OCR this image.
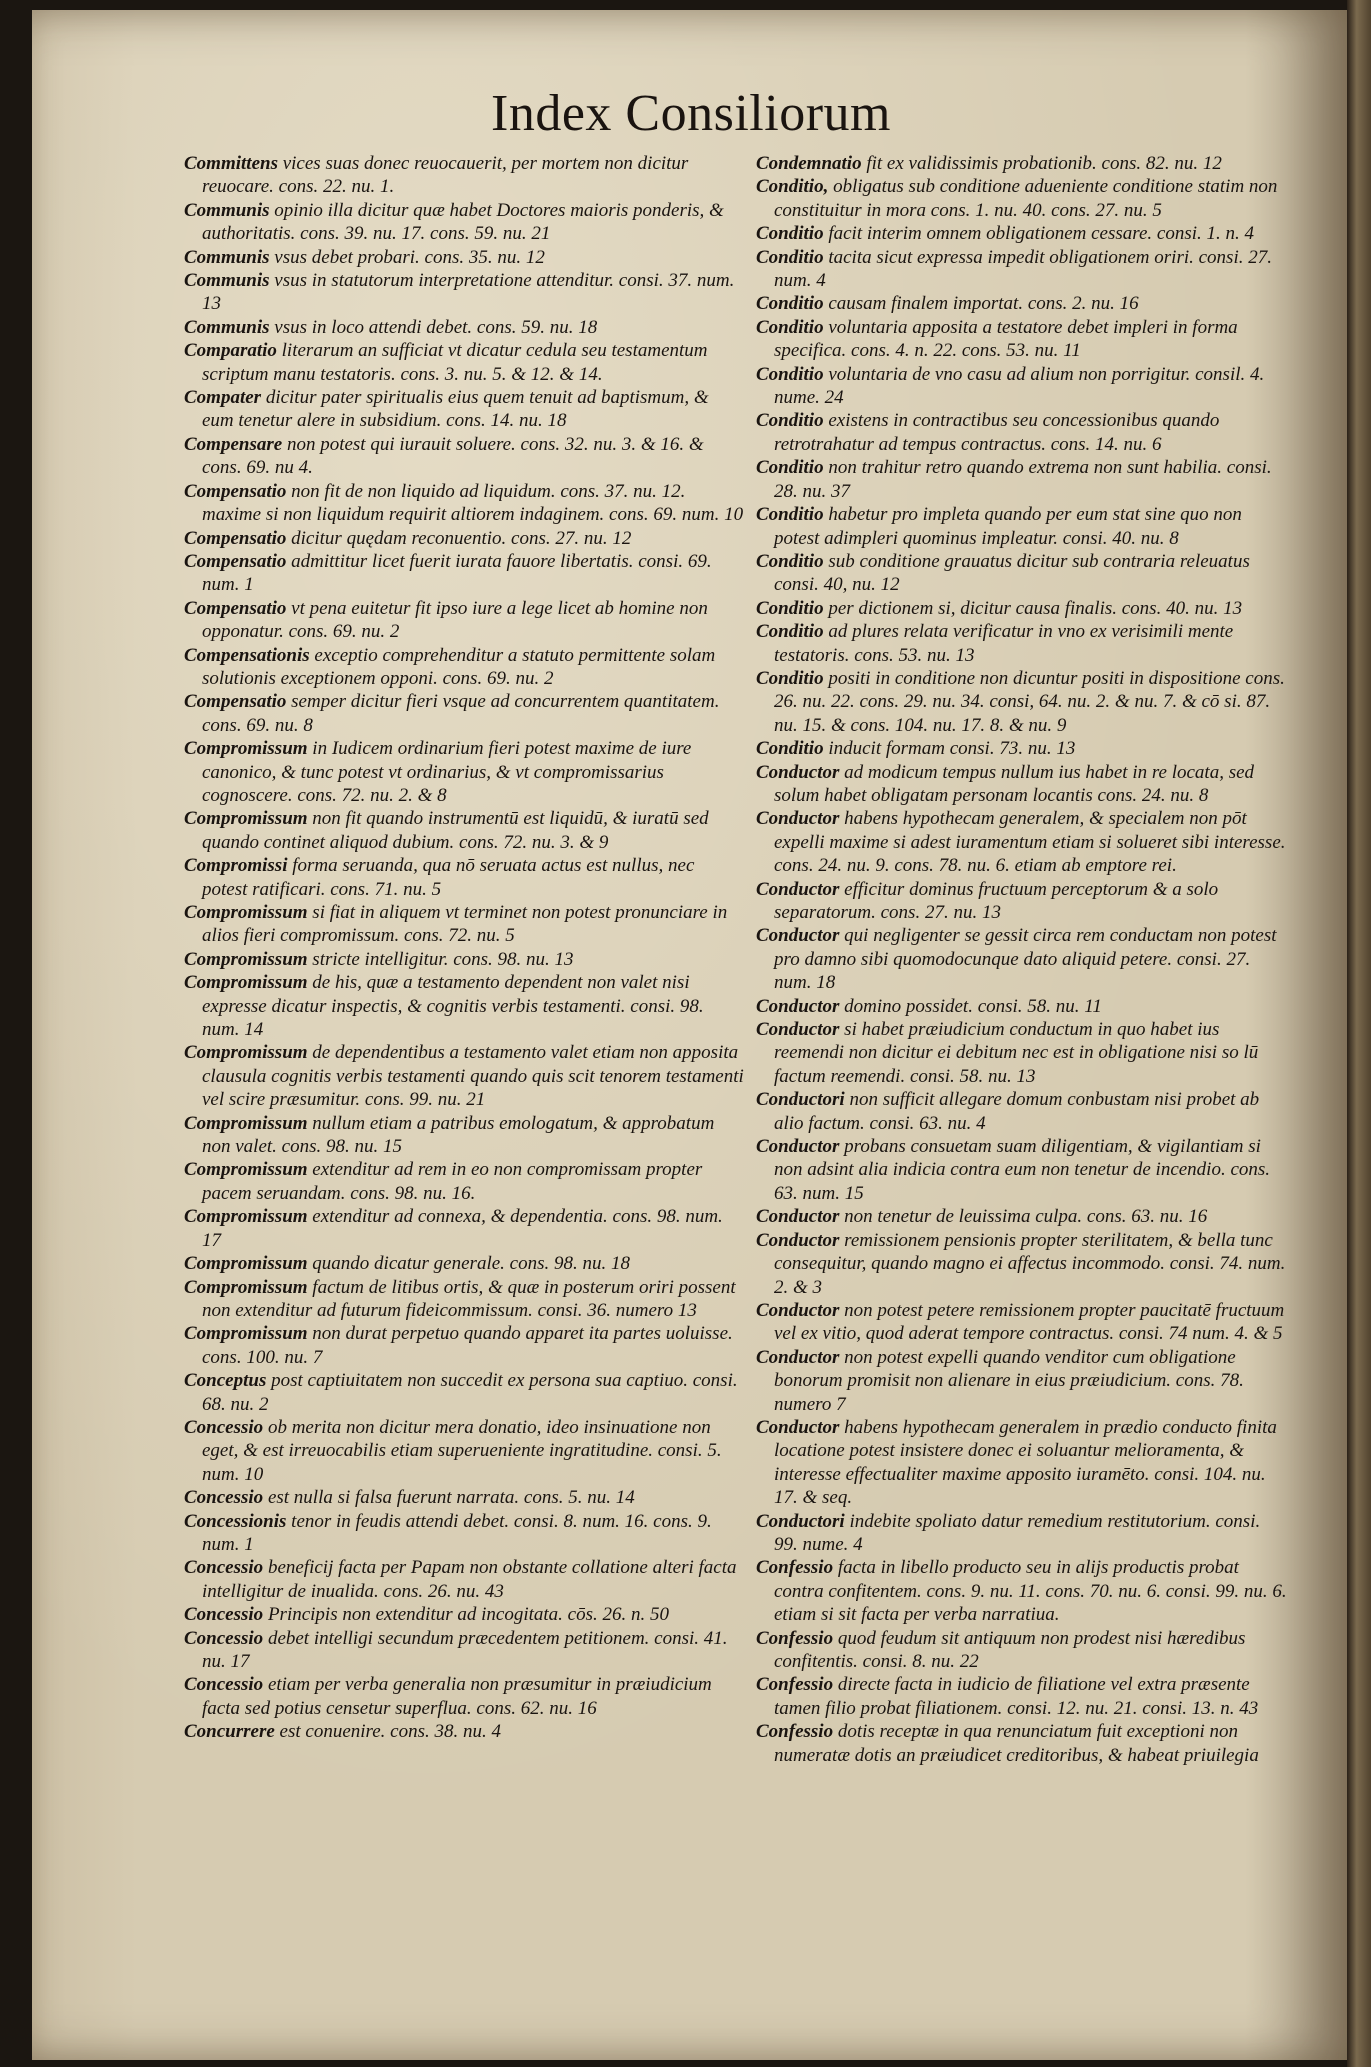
Index Consiliorum

Committens vices suas donec reuocauerit, per mortem non dicitur reuocare. cons. 22. nu. 1.

Communis opinio illa dicitur quæ habet Doctores maioris ponderis, & authoritatis. cons. 39. nu. 17. cons. 59. nu. 21

Communis vsus debet probari. cons. 35. nu. 12

Communis vsus in statutorum interpretatione attenditur. consi. 37. num. 13

Communis vsus in loco attendi debet. cons. 59. nu. 18

Comparatio literarum an sufficiat vt dicatur cedula seu testamentum scriptum manu testatoris. cons. 3. nu. 5. & 12. & 14.

Compater dicitur pater spiritualis eius quem tenuit ad baptismum, & eum tenetur alere in subsidium. cons. 14. nu. 18

Compensare non potest qui iurauit soluere. cons. 32. nu. 3. & 16. & cons. 69. nu 4.

Compensatio non fit de non liquido ad liquidum. cons. 37. nu. 12. maxime si non liquidum requirit altiorem indaginem. cons. 69. num. 10

Compensatio dicitur quędam reconuentio. cons. 27. nu. 12

Compensatio admittitur licet fuerit iurata fauore libertatis. consi. 69. num. 1

Compensatio vt pena euitetur fit ipso iure a lege licet ab homine non opponatur. cons. 69. nu. 2

Compensationis exceptio comprehenditur a statuto permittente solam solutionis exceptionem opponi. cons. 69. nu. 2

Compensatio semper dicitur fieri vsque ad concurrentem quantitatem. cons. 69. nu. 8

Compromissum in Iudicem ordinarium fieri potest maxime de iure canonico, & tunc potest vt ordinarius, & vt compromissarius cognoscere. cons. 72. nu. 2. & 8

Compromissum non fit quando instrumentū est liquidū, & iuratū sed quando continet aliquod dubium. cons. 72. nu. 3. & 9

Compromissi forma seruanda, qua nō seruata actus est nullus, nec potest ratificari. cons. 71. nu. 5

Compromissum si fiat in aliquem vt terminet non potest pronunciare in alios fieri compromissum. cons. 72. nu. 5

Compromissum stricte intelligitur. cons. 98. nu. 13

Compromissum de his, quæ a testamento dependent non valet nisi expresse dicatur inspectis, & cognitis verbis testamenti. consi. 98. num. 14

Compromissum de dependentibus a testamento valet etiam non apposita clausula cognitis verbis testamenti quando quis scit tenorem testamenti vel scire præsumitur. cons. 99. nu. 21

Compromissum nullum etiam a patribus emologatum, & approbatum non valet. cons. 98. nu. 15

Compromissum extenditur ad rem in eo non compromissam propter pacem seruandam. cons. 98. nu. 16.

Compromissum extenditur ad connexa, & dependentia. cons. 98. num. 17

Compromissum quando dicatur generale. cons. 98. nu. 18

Compromissum factum de litibus ortis, & quæ in posterum oriri possent non extenditur ad futurum fideicommissum. consi. 36. numero 13

Compromissum non durat perpetuo quando apparet ita partes uoluisse. cons. 100. nu. 7

Conceptus post captiuitatem non succedit ex persona sua captiuo. consi. 68. nu. 2

Concessio ob merita non dicitur mera donatio, ideo insinuatione non eget, & est irreuocabilis etiam superueniente ingratitudine. consi. 5. num. 10

Concessio est nulla si falsa fuerunt narrata. cons. 5. nu. 14

Concessionis tenor in feudis attendi debet. consi. 8. num. 16. cons. 9. num. 1

Concessio beneficij facta per Papam non obstante collatione alteri facta intelligitur de inualida. cons. 26. nu. 43

Concessio Principis non extenditur ad incogitata. cōs. 26. n. 50

Concessio debet intelligi secundum præcedentem petitionem. consi. 41. nu. 17

Concessio etiam per verba generalia non præsumitur in præiudicium facta sed potius censetur superflua. cons. 62. nu. 16

Concurrere est conuenire. cons. 38. nu. 4

Condemnatio fit ex validissimis probationib. cons. 82. nu. 12

Conditio, obligatus sub conditione adueniente conditione statim non constituitur in mora cons. 1. nu. 40. cons. 27. nu. 5

Conditio facit interim omnem obligationem cessare. consi. 1. n. 4

Conditio tacita sicut expressa impedit obligationem oriri. consi. 27. num. 4

Conditio causam finalem importat. cons. 2. nu. 16

Conditio voluntaria apposita a testatore debet impleri in forma specifica. cons. 4. n. 22. cons. 53. nu. 11

Conditio voluntaria de vno casu ad alium non porrigitur. consil. 4. nume. 24

Conditio existens in contractibus seu concessionibus quando retrotrahatur ad tempus contractus. cons. 14. nu. 6

Conditio non trahitur retro quando extrema non sunt habilia. consi. 28. nu. 37

Conditio habetur pro impleta quando per eum stat sine quo non potest adimpleri quominus impleatur. consi. 40. nu. 8

Conditio sub conditione grauatus dicitur sub contraria releuatus consi. 40, nu. 12

Conditio per dictionem si, dicitur causa finalis. cons. 40. nu. 13

Conditio ad plures relata verificatur in vno ex verisimili mente testatoris. cons. 53. nu. 13

Conditio positi in conditione non dicuntur positi in dispositione cons. 26. nu. 22. cons. 29. nu. 34. consi, 64. nu. 2. & nu. 7. & cō si. 87. nu. 15. & cons. 104. nu. 17. 8. & nu. 9

Conditio inducit formam consi. 73. nu. 13

Conductor ad modicum tempus nullum ius habet in re locata, sed solum habet obligatam personam locantis cons. 24. nu. 8

Conductor habens hypothecam generalem, & specialem non pōt expelli maxime si adest iuramentum etiam si solueret sibi interesse. cons. 24. nu. 9. cons. 78. nu. 6. etiam ab emptore rei.

Conductor efficitur dominus fructuum perceptorum & a solo separatorum. cons. 27. nu. 13

Conductor qui negligenter se gessit circa rem conductam non potest pro damno sibi quomodocunque dato aliquid petere. consi. 27. num. 18

Conductor domino possidet. consi. 58. nu. 11

Conductor si habet præiudicium conductum in quo habet ius reemendi non dicitur ei debitum nec est in obligatione nisi so lū factum reemendi. consi. 58. nu. 13

Conductori non sufficit allegare domum conbustam nisi probet ab alio factum. consi. 63. nu. 4

Conductor probans consuetam suam diligentiam, & vigilantiam si non adsint alia indicia contra eum non tenetur de incendio. cons. 63. num. 15

Conductor non tenetur de leuissima culpa. cons. 63. nu. 16

Conductor remissionem pensionis propter sterilitatem, & bella tunc consequitur, quando magno ei affectus incommodo. consi. 74. num. 2. & 3

Conductor non potest petere remissionem propter paucitatē fructuum vel ex vitio, quod aderat tempore contractus. consi. 74 num. 4. & 5

Conductor non potest expelli quando venditor cum obligatione bonorum promisit non alienare in eius præiudicium. cons. 78. numero 7

Conductor habens hypothecam generalem in prædio conducto finita locatione potest insistere donec ei soluantur melioramenta, & interesse effectualiter maxime apposito iuramēto. consi. 104. nu. 17. & seq.

Conductori indebite spoliato datur remedium restitutorium. consi. 99. nume. 4

Confessio facta in libello producto seu in alijs productis probat contra confitentem. cons. 9. nu. 11. cons. 70. nu. 6. consi. 99. nu. 6. etiam si sit facta per verba narratiua.

Confessio quod feudum sit antiquum non prodest nisi hæredibus confitentis. consi. 8. nu. 22

Confessio directe facta in iudicio de filiatione vel extra præsente tamen filio probat filiationem. consi. 12. nu. 21. consi. 13. n. 43

Confessio dotis receptæ in qua renunciatum fuit exceptioni non numeratæ dotis an præiudicet creditoribus, & habeat priuilegia
